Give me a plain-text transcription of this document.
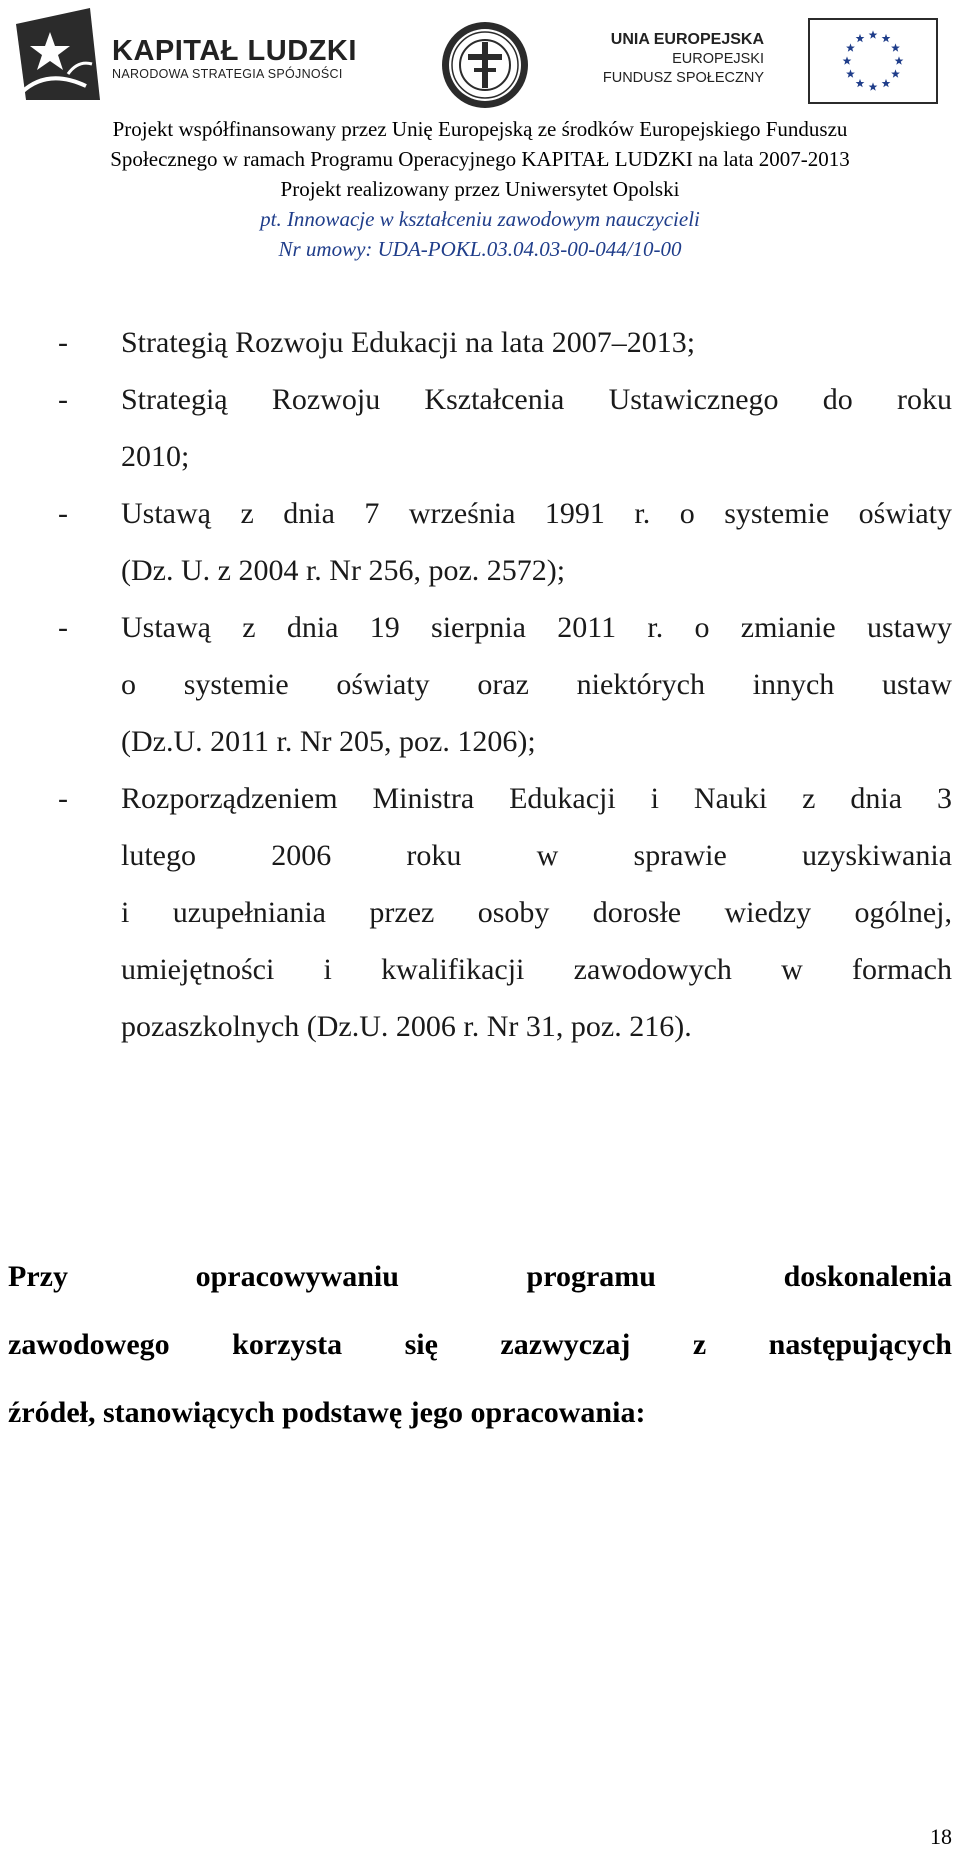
KAPITAŁ LUDZKI
NARODOWA STRATEGIA SPÓJNOŚCI
UNIA EUROPEJSKA
EUROPEJSKI
FUNDUSZ SPOŁECZNY
Projekt współfinansowany przez Unię Europejską ze środków Europejskiego Funduszu
Społecznego w ramach Programu Operacyjnego KAPITAŁ LUDZKI na lata 2007-2013
Projekt realizowany przez Uniwersytet Opolski
pt. Innowacje w kształceniu zawodowym nauczycieli
Nr umowy: UDA-POKL.03.04.03-00-044/10-00
- Strategią Rozwoju Edukacji na lata 2007–2013;
- Strategią Rozwoju Kształcenia Ustawicznego do roku
2010;
- Ustawą z dnia 7 września 1991 r. o systemie oświaty
(Dz. U. z 2004 r. Nr 256, poz. 2572);
- Ustawą z dnia 19 sierpnia 2011 r. o zmianie ustawy
o systemie oświaty oraz niektórych innych ustaw
(Dz.U. 2011 r. Nr 205, poz. 1206);
- Rozporządzeniem Ministra Edukacji i Nauki z dnia 3
lutego 2006 roku w sprawie uzyskiwania
i uzupełniania przez osoby dorosłe wiedzy ogólnej,
umiejętności i kwalifikacji zawodowych w formach
pozaszkolnych (Dz.U. 2006 r. Nr 31, poz. 216).
Przy opracowywaniu programu doskonalenia
zawodowego korzysta się zazwyczaj z następujących
źródeł, stanowiących podstawę jego opracowania:
18
